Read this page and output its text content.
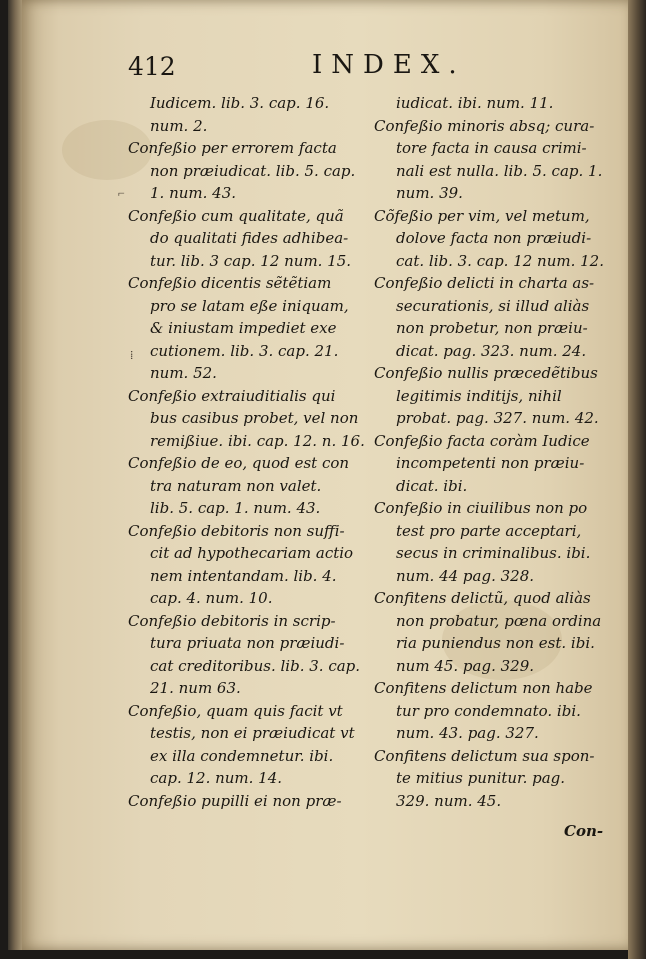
412	INDEX.
Iudicem. lib. 3. cap. 16.
num. 2.
Confeßio per errorem facta
non præiudicat. lib. 5. cap.
1. num. 43.
Confeßio cum qualitate, quã
do qualitati fides adhibea-
tur. lib. 3 cap. 12 num. 15.
Confeßio dicentis sẽtẽtiam
pro se latam eße iniquam,
& iniustam impediet exe
cutionem. lib. 3. cap. 21.
num. 52.
Confeßio extraiuditialis qui
bus casibus probet, vel non
remißiue. ibi. cap. 12. n. 16.
Confeßio de eo, quod est con
tra naturam non valet.
lib. 5. cap. 1. num. 43.
Confeßio debitoris non suffi-
cit ad hypothecariam actio
nem intentandam. lib. 4.
cap. 4. num. 10.
Confeßio debitoris in scrip-
tura priuata non præiudi-
cat creditoribus. lib. 3. cap.
21. num 63.
Confeßio, quam quis facit vt
testis, non ei præiudicat vt
ex illa condemnetur. ibi.
cap. 12. num. 14.
Confeßio pupilli ei non præ-
iudicat. ibi. num. 11.
Confeßio minoris absq; cura-
tore facta in causa crimi-
nali est nulla. lib. 5. cap. 1.
num. 39.
Cõfeßio per vim, vel metum,
dolove facta non præiudi-
cat. lib. 3. cap. 12 num. 12.
Confeßio delicti in charta as-
securationis, si illud aliàs
non probetur, non præiu-
dicat. pag. 323. num. 24.
Confeßio nullis præcedẽtibus
legitimis inditijs, nihil
probat. pag. 327. num. 42.
Confeßio facta coràm Iudice
incompetenti non præiu-
dicat. ibi.
Confeßio in ciuilibus non po
test pro parte acceptari,
secus in criminalibus. ibi.
num. 44 pag. 328.
Confitens delictũ, quod aliàs
non probatur, pœna ordina
ria puniendus non est. ibi.
num 45. pag. 329.
Confitens delictum non habe
tur pro condemnato. ibi.
num. 43. pag. 327.
Confitens delictum sua spon-
te mitius punitur. pag.
329. num. 45.
Con-
⌐
⁞
